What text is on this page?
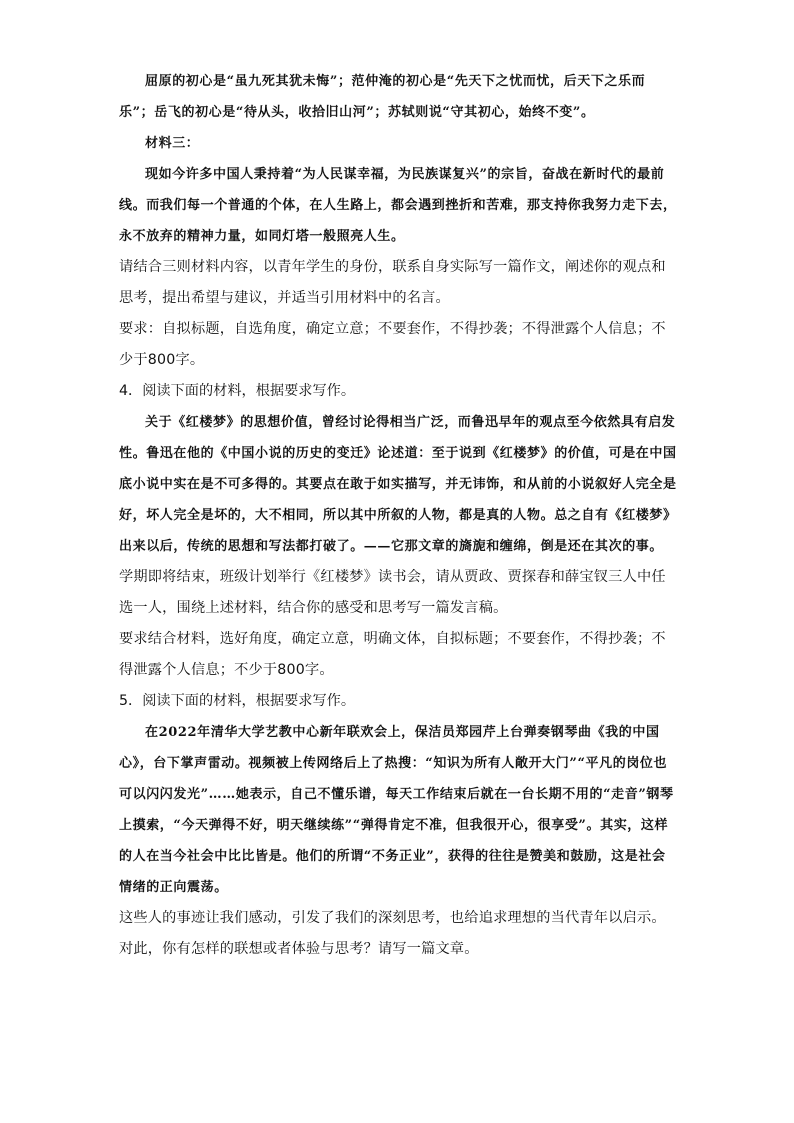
屈原的初心是“虽九死其犹未悔”；范仲淹的初心是“先天下之忧而忧，后天下之乐而乐”；岳飞的初心是“待从头，收拾旧山河”；苏轼则说“守其初心，始终不变”。

材料三：

现如今许多中国人秉持着“为人民谋幸福，为民族谋复兴”的宗旨，奋战在新时代的最前线。而我们每一个普通的个体，在人生路上，都会遇到挫折和苦难，那支持你我努力走下去，永不放弃的精神力量，如同灯塔一般照亮人生。

请结合三则材料内容，以青年学生的身份，联系自身实际写一篇作文，阐述你的观点和思考，提出希望与建议，并适当引用材料中的名言。

要求：自拟标题，自选角度，确定立意；不要套作，不得抄袭；不得泄露个人信息；不少于800字。

4．阅读下面的材料，根据要求写作。

关于《红楼梦》的思想价值，曾经讨论得相当广泛，而鲁迅早年的观点至今依然具有启发性。鲁迅在他的《中国小说的历史的变迁》论述道：至于说到《红楼梦》的价值，可是在中国底小说中实在是不可多得的。其要点在敢于如实描写，并无讳饰，和从前的小说叙好人完全是好，坏人完全是坏的，大不相同，所以其中所叙的人物，都是真的人物。总之自有《红楼梦》出来以后，传统的思想和写法都打破了。——它那文章的旖旎和缠绵，倒是还在其次的事。

学期即将结束，班级计划举行《红楼梦》读书会，请从贾政、贾探春和薛宝钗三人中任选一人，围绕上述材料，结合你的感受和思考写一篇发言稿。

要求结合材料，选好角度，确定立意，明确文体，自拟标题；不要套作，不得抄袭；不得泄露个人信息；不少于800字。

5．阅读下面的材料，根据要求写作。

在2022年清华大学艺教中心新年联欢会上，保洁员郑园芹上台弹奏钢琴曲《我的中国心》，台下掌声雷动。视频被上传网络后上了热搜：“知识为所有人敞开大门”“平凡的岗位也可以闪闪发光”……她表示，自己不懂乐谱，每天工作结束后就在一台长期不用的“走音”钢琴上摸索，“今天弹得不好，明天继续练”“弹得肯定不准，但我很开心，很享受”。其实，这样的人在当今社会中比比皆是。他们的所谓“不务正业”，获得的往往是赞美和鼓励，这是社会情绪的正向震荡。

这些人的事迹让我们感动，引发了我们的深刻思考，也给追求理想的当代青年以启示。对此，你有怎样的联想或者体验与思考？请写一篇文章。
